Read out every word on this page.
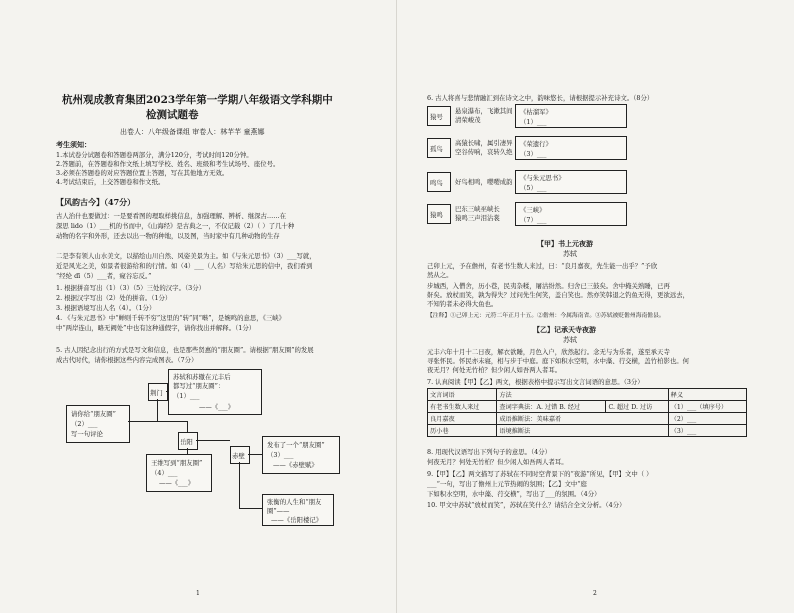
杭州观成教育集团2023学年第一学期八年级语文学科期中
检测试题卷
出卷人：八年级备课组 审卷人：林芊芊 童燕娜
考生须知：
1.本试卷分试题卷和答题卷两部分，满分120分，考试时间120分钟。
2.答题前，在答题卷和作文纸上填写学校、姓名、班级和考生试场号、座位号。
3.必须在答题卷的对应答题位置上答题，写在其他地方无效。
4.考试结束后，上交答题卷和作文纸。
【风韵古今】（47分）
古人治什也要做过：一是要看图的理取样挑信息，加强理解、辨析、继深古……在
深思 lido（1）___机的书而中，《山海经》是古典之一，不仅记载（2）（ ）了几十种
动物的名字和外形，还去以出一物的种地，以及图，当时家中有几种动物的生存
二是李有领人山水美文，以描绘山川自然、风姿美景为主。如《与朱元思书》（3）___写就，
近是风光之美，如景者很游给和的行情。如（4）___（人名）写给朱元思的信中，我们看到
“经纶 dī（5）___者，窥谷忘反。”
1. 根据拼音写出（1）（3）（5）三处的汉字。（3分）
2. 根据汉字写出（2）处的拼音。（1分）
3. 根据语境写出人名（4）。（1分）
4. 《与朱元思书》中“蝉则千转不穷”这里的“转”同“啭”，是婉鸣的意思，《三峡》
中“两岸连山，略无阙处”中也有这种通假字，请你找出并解释。（1分）
5. 古人因纪念出行的方式是写文和信息，也是那些贤惠的“朋友圈”。请根据“朋友圈”的发展
成古代时代，请你根据这些内容完成图表。（7分）
苏轼和苏辙在元丰后
都写过“朋友圈”：
（1）___
——《___》
荆门
请你给“朋友圈”
（2）___
写一句评论
岳阳	发布了一个“朋友圈”
（3）___
——《赤壁赋》
王维写到“朋友圈”
（4）___
——《___》
赤壁
张衡的人生和“朋友
圈”——
——《岳阳楼记》
1
6. 古人将喜与悲情融汇到在诗文之中，韵味悠长，请根据提示补充诗文。（8分）
猿号
悬泉瀑布，飞漱其间
清荣峻茂
《枯溜军》
（1）___
孤鸟
高猿长啸，属引凄异
空谷传响，哀转久绝
《荣遗行》
（3）___
鸣鸟 好鸟相鸣，嘤嘤成韵 《与朱元思书》
（5）___
猿鸣
巴东三峡巫峡长
猿鸣三声泪沾裳
《三峡》
（7）___
【甲】书上元夜游
苏轼
己卯上元，予在儋州，有老书生数人来过，曰：“良月嘉夜，先生能一出乎？”予欣
然从之。
步城西，入僧舍，历小巷，民夷杂糅，屠沽纷然。归舍已三鼓矣。舍中掩关熟睡，已再
鼾矣。放杖而笑，孰为得失？过问先生何笑，盖自笑也。然亦笑韩退之钓鱼无得，更欲远去，
不知钓者未必得大鱼也。
【注释】①己卯上元：元符二年正月十五。②儋州：今属海南省。③苏轼被贬儋州海南儋县。
【乙】记承天寺夜游
苏轼
元丰六年十月十二日夜，解衣欲睡，月色入户，欣然起行。念无与为乐者，遂至承天寺
寻张怀民。怀民亦未寝，相与步于中庭。庭下如积水空明，水中藻、荇交横，盖竹柏影也。何
夜无月？何处无竹柏？但少闲人如吾两人者耳。
7. 认真阅读【甲】【乙】两文，根据表格中提示写出文言词语的意思。（3分）
文言词语	方法		释义
有老书生数人来过	查词字典法：A. 过错 B. 经过	C. 超过 D. 过访	（1）___（填序号）
良月嘉夜	成语推断法：美味嘉肴		（2）___
历小巷	语境推断法		（3）___
8. 用现代汉语写出下列句子的意思。（4分）
何夜无月？何处无竹柏？但少闲人如吾两人者耳。
9.【甲】【乙】两文描写了苏轼在不同时空背景下的“夜游”所见，【甲】文中（ ）
___“一句，写出了儋州上元节热闹的氛围；【乙】文中“庭
下如积水空明，水中藻、荇交横”，写出了___的氛围。（4分）
10. 甲文中苏轼“放杖而笑”，苏轼在笑什么？请结合全文分析。（4分）
2
